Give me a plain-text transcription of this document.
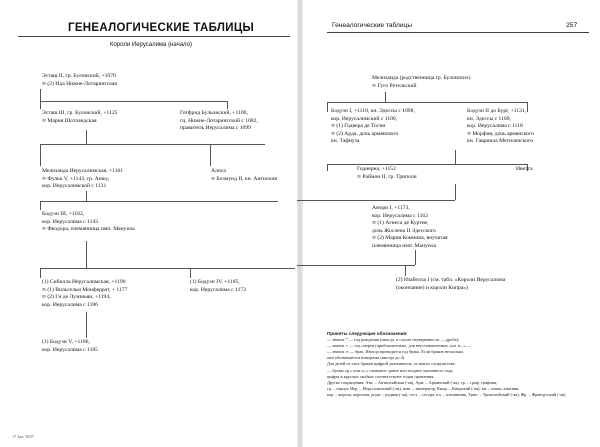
ГЕНЕАЛОГИЧЕСКИЕ ТАБЛИЦЫ
Короли Иерусалима (начало)
Эсташ II, гр. Булонский, +1070
∞ (2) Ида Нижне-Лотарингская
Эсташ III, гр. Булонский, +1125
∞ Мария Шотландская
Готфрид Бульонский, +1100,
гц. Нижне-Лотарингский с 1082,
правитель Иерусалима с 1099
Мелизанда Иерусалимская, +1161
∞ Фульк V, +1143, гр. Анжу,
кор. Иерусалимской с 1131
Алиса
∞ Боэмунд II, кн. Антиохии
Бодуэн III, +1162,
кор. Иерусалима с 1143
∞ Феодора, племянница имп. Мануила
(1) Сибилла Иерусалимская, +1190
∞ (1) Вильгельм Монферрат, + 1177
∞ (2) Ги де Лузиньян, +1194,
кор. Иерусалима с 1186
(1) Бодуэн IV, +1185,
кор. Иерусалима с 1173
(1) Бодуэн V, +1186,
кор. Иерусалима с 1185
17 Зак. 3037
Генеалогические таблицы	257
Мелизанда (родственница гр. Булонских)
∞ Гуго Ретельский
Бодуэн I, +1118, кн. Эдессы с 1098,
кор. Иерусалимский с 1100,
∞ (1) Годвера де Тосни
∞ (2) Арда, дочь армянского
кн. Тафнуза
Бодуэн II до Бург, +1131,
кн. Эдессы с 1100,
кор. Иерусалима с 1118
∞ Морфия, дочь армянского
кн. Гавриила Метиленского
Годиерна, +1152
∞ Раймон II, гр. Триполи
Иветта
Амори I, +1173,
кор. Иерусалима с 1162
∞ (1) Агнеса де Куртне,
дочь Жослена II Эдесского
∞ (2) Мария Комнина, внучатая
племянница имп. Мануила
(2) Изабелла I (см. табл. «Короли Иерусалима
(окончание) и короли Кипра»)
Приняты следующие обозначения:
— значок * — год рождения (иногда, в случае неуверенности — дробь);
— значок + — год смерти (приблизительно, для неустановленных «ум. в...» —
— значок ∞ — брак. Иногда приводится год брака. Если браков несколько,
они обозначаются номерами (иногда до 4).
Для детей от этих браков цифрой указывается, от какого супружества:
— буквы «р.» или «с.» означают: ранее или позднее указанного года;
цифры в круглых скобках соответствуют годам правления.
Другие сокращения: Ант. – Антиохийская (-ая), Арм. – Армянский (-ая), гр. – граф, графиня,
гц. – герцог, Иер. – Иерусалимский (-ая), имп. – император, Кипр. – Кипрский (-ая), кн. – князь, княгиня,
кор. – король, королева, родн. – родная (-ая), сест. – сестра, пл. – племянник, Трип. – Триполийский (-ая), Фр. – Французский (-ая)
